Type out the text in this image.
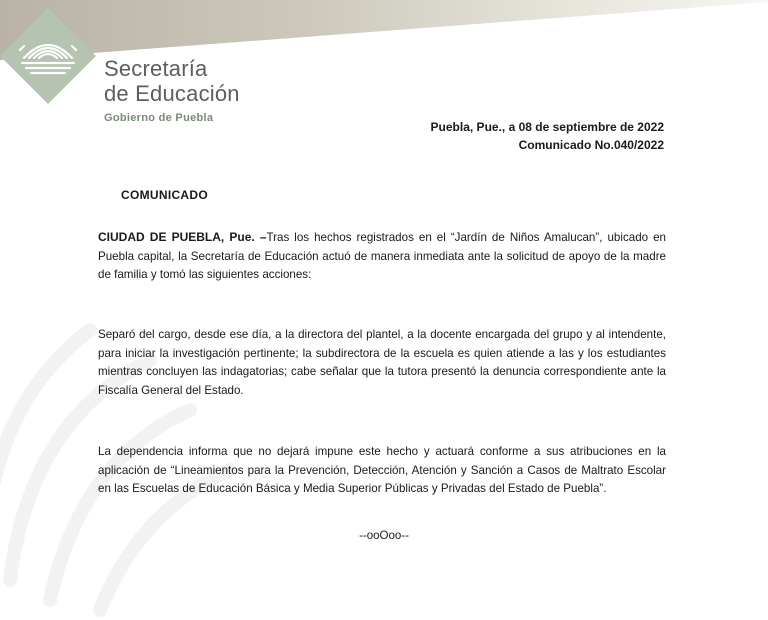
Secretaría
de Educación
Gobierno de Puebla
Puebla, Pue., a 08 de septiembre de 2022
Comunicado No.040/2022
COMUNICADO
CIUDAD DE PUEBLA, Pue. –Tras los hechos registrados en el “Jardín de Niños Amalucan”, ubicado en Puebla capital, la Secretaría de Educación actuó de manera inmediata ante la solicitud de apoyo de la madre de familia y tomó las siguientes acciones:
Separó del cargo, desde ese día, a la directora del plantel, a la docente encargada del grupo y al intendente, para iniciar la investigación pertinente; la subdirectora de la escuela es quien atiende a las y los estudiantes mientras concluyen las indagatorias; cabe señalar que la tutora presentó la denuncia correspondiente ante la Fiscalía General del Estado.
La dependencia informa que no dejará impune este hecho y actuará conforme a sus atribuciones en la aplicación de “Lineamientos para la Prevención, Detección, Atención y Sanción a Casos de Maltrato Escolar en las Escuelas de Educación Básica y Media Superior Públicas y Privadas del Estado de Puebla”.
--ooOoo--
